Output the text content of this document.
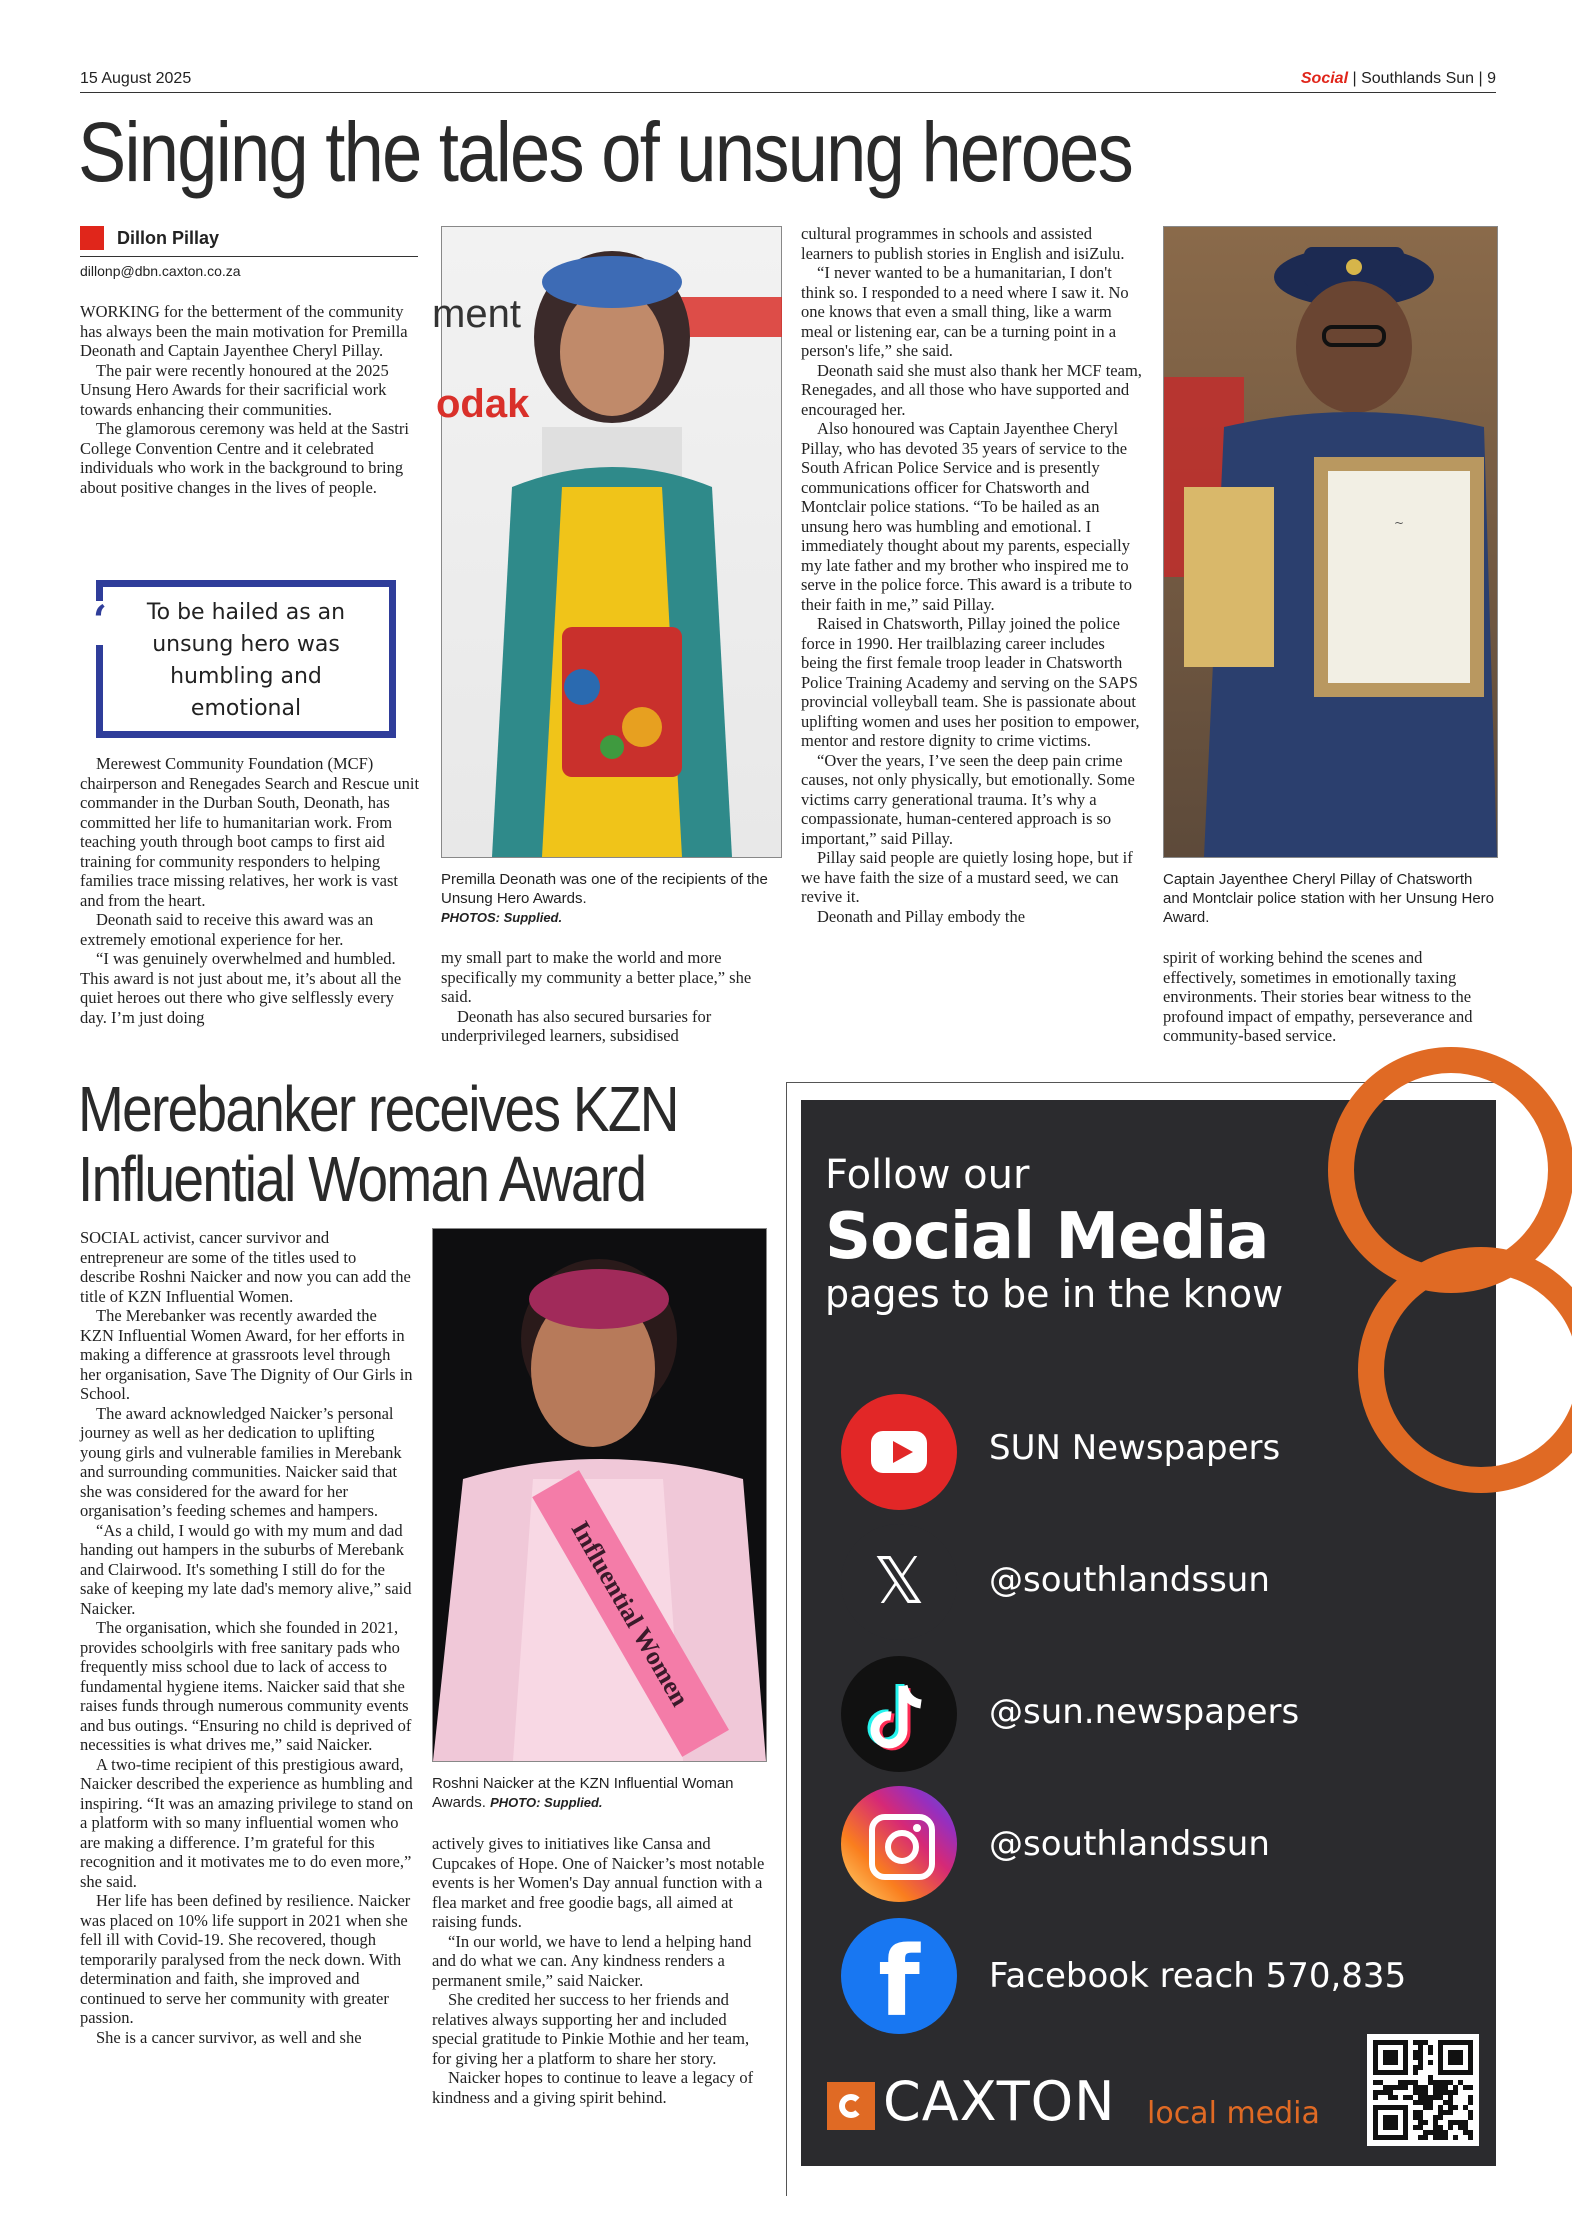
15 August 2025	Social | Southlands Sun | 9
Singing the tales of unsung heroes
Dillon Pillay
dillonp@dbn.caxton.co.za

WORKING for the betterment of the community has always been the main motivation for Premilla Deonath and Captain Jayenthee Cheryl Pillay.

The pair were recently honoured at the 2025 Unsung Hero Awards for their sacrificial work towards enhancing their communities.

The glamorous ceremony was held at the Sastri College Convention Centre and it celebrated individuals who work in the background to bring about positive changes in the lives of people.

‘	To be hailed as an unsung hero was humbling and emotional

Merewest Community Foundation (MCF) chairperson and Renegades Search and Rescue unit commander in the Durban South, Deonath, has committed her life to humanitarian work. From teaching youth through boot camps to first aid training for community responders to helping families trace missing relatives, her work is vast and from the heart.

Deonath said to receive this award was an extremely emotional experience for her.

“I was genuinely overwhelmed and humbled. This award is not just about me, it’s about all the quiet heroes out there who give selflessly every day. I’m just doing

ment
odak
Premilla Deonath was one of the recipients of the Unsung Hero Awards.
PHOTOS: Supplied.

my small part to make the world and more specifically my community a better place,” she said.

Deonath has also secured bursaries for underprivileged learners, subsidised

cultural programmes in schools and assisted learners to publish stories in English and isiZulu.

“I never wanted to be a humanitarian, I don't think so. I responded to a need where I saw it. No one knows that even a small thing, like a warm meal or listening ear, can be a turning point in a person's life,” she said.

Deonath said she must also thank her MCF team, Renegades, and all those who have supported and encouraged her.

Also honoured was Captain Jayenthee Cheryl Pillay, who has devoted 35 years of service to the South African Police Service and is presently communications officer for Chatsworth and Montclair police stations. “To be hailed as an unsung hero was humbling and emotional. I immediately thought about my parents, especially my late father and my brother who inspired me to serve in the police force. This award is a tribute to their faith in me,” said Pillay.

Raised in Chatsworth, Pillay joined the police force in 1990. Her trailblazing career includes being the first female troop leader in Chatsworth Police Training Academy and serving on the SAPS provincial volleyball team. She is passionate about uplifting women and uses her position to empower, mentor and restore dignity to crime victims.

“Over the years, I’ve seen the deep pain crime causes, not only physically, but emotionally. Some victims carry generational trauma. It’s why a compassionate, human-centered approach is so important,” said Pillay.

Pillay said people are quietly losing hope, but if we have faith the size of a mustard seed, we can revive it.

Deonath and Pillay embody the

~
Captain Jayenthee Cheryl Pillay of Chatsworth and Montclair police station with her Unsung Hero Award.

spirit of working behind the scenes and effectively, sometimes in emotionally taxing environments. Their stories bear witness to the profound impact of empathy, perseverance and community-based service.

Merebanker receives KZN
Influential Woman Award

SOCIAL activist, cancer survivor and entrepreneur are some of the titles used to describe Roshni Naicker and now you can add the title of KZN Influential Women.

The Merebanker was recently awarded the KZN Influential Women Award, for her efforts in making a difference at grassroots level through her organisation, Save The Dignity of Our Girls in School.

The award acknowledged Naicker’s personal journey as well as her dedication to uplifting young girls and vulnerable families in Merebank and surrounding communities. Naicker said that she was considered for the award for her organisation’s feeding schemes and hampers.

“As a child, I would go with my mum and dad handing out hampers in the suburbs of Merebank and Clairwood. It's something I still do for the sake of keeping my late dad's memory alive,” said Naicker.

The organisation, which she founded in 2021, provides schoolgirls with free sanitary pads who frequently miss school due to lack of access to fundamental hygiene items. Naicker said that she raises funds through numerous community events and bus outings. “Ensuring no child is deprived of necessities is what drives me,” said Naicker.

A two-time recipient of this prestigious award, Naicker described the experience as humbling and inspiring. “It was an amazing privilege to stand on a platform with so many influential women who are making a difference. I’m grateful for this recognition and it motivates me to do even more,” she said.

Her life has been defined by resilience. Naicker was placed on 10% life support in 2021 when she fell ill with Covid-19. She recovered, though temporarily paralysed from the neck down. With determination and faith, she improved and continued to serve her community with greater passion.

She is a cancer survivor, as well and she

Influential Women
Roshni Naicker at the KZN Influential Woman Awards. PHOTO: Supplied.

actively gives to initiatives like Cansa and Cupcakes of Hope. One of Naicker’s most notable events is her Women's Day annual function with a flea market and free goodie bags, all aimed at raising funds.

“In our world, we have to lend a helping hand and do what we can. Any kindness renders a permanent smile,” said Naicker.

She credited her success to her friends and relatives always supporting her and included special gratitude to Pinkie Mothie and her team, for giving her a platform to share her story.

Naicker hopes to continue to leave a legacy of kindness and a giving spirit behind.

Follow our
Social Media
pages to be in the know
SUN Newspapers
𝕏	@southlandssun
@sun.newspapers
@southlandssun
f	Facebook reach 570,835
CAXTON local media
